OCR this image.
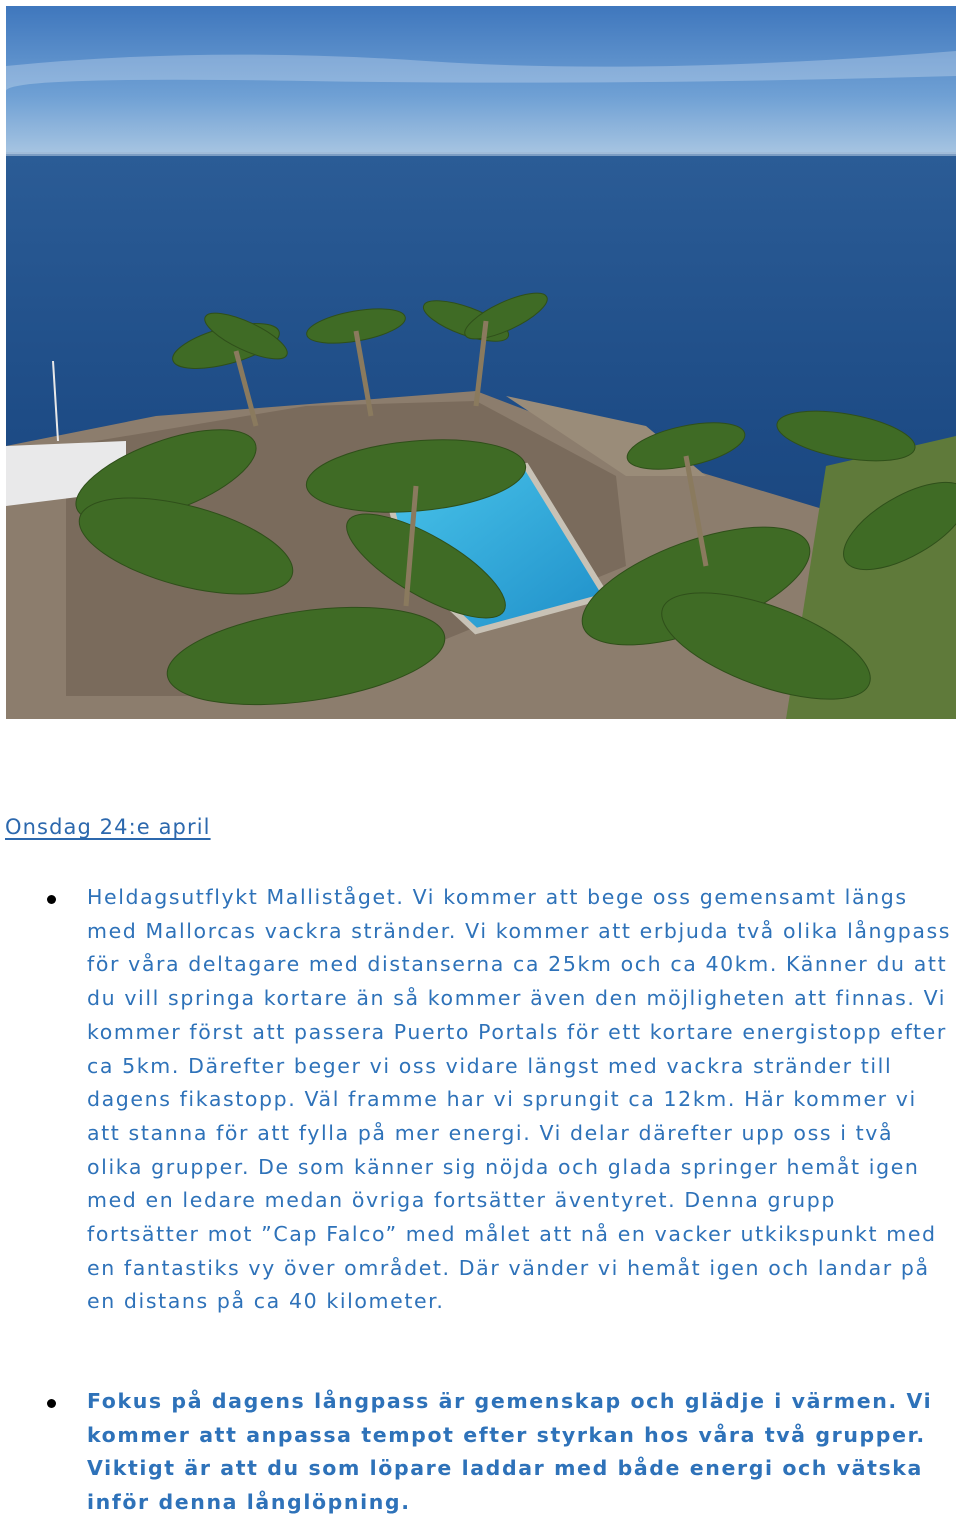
Onsdag 24:e april

Heldagsutflykt Malliståget. Vi kommer att bege oss gemensamt längs med Mallorcas vackra stränder. Vi kommer att erbjuda två olika långpass för våra deltagare med distanserna ca 25km och ca 40km. Känner du att du vill springa kortare än så kommer även den möjligheten att finnas. Vi kommer först att passera Puerto Portals för ett kortare energistopp efter ca 5km. Därefter beger vi oss vidare längst med vackra stränder till dagens fikastopp. Väl framme har vi sprungit ca 12km. Här kommer vi att stanna för att fylla på mer energi. Vi delar därefter upp oss i två olika grupper. De som känner sig nöjda och glada springer hemåt igen med en ledare medan övriga fortsätter äventyret. Denna grupp fortsätter mot ”Cap Falco” med målet att nå en vacker utkikspunkt med en fantastiks vy över området. Där vänder vi hemåt igen och landar på en distans på ca 40 kilometer.

Fokus på dagens långpass är gemenskap och glädje i värmen. Vi kommer att anpassa tempot efter styrkan hos våra två grupper. Viktigt är att du som löpare laddar med både energi och vätska inför denna långlöpning.
